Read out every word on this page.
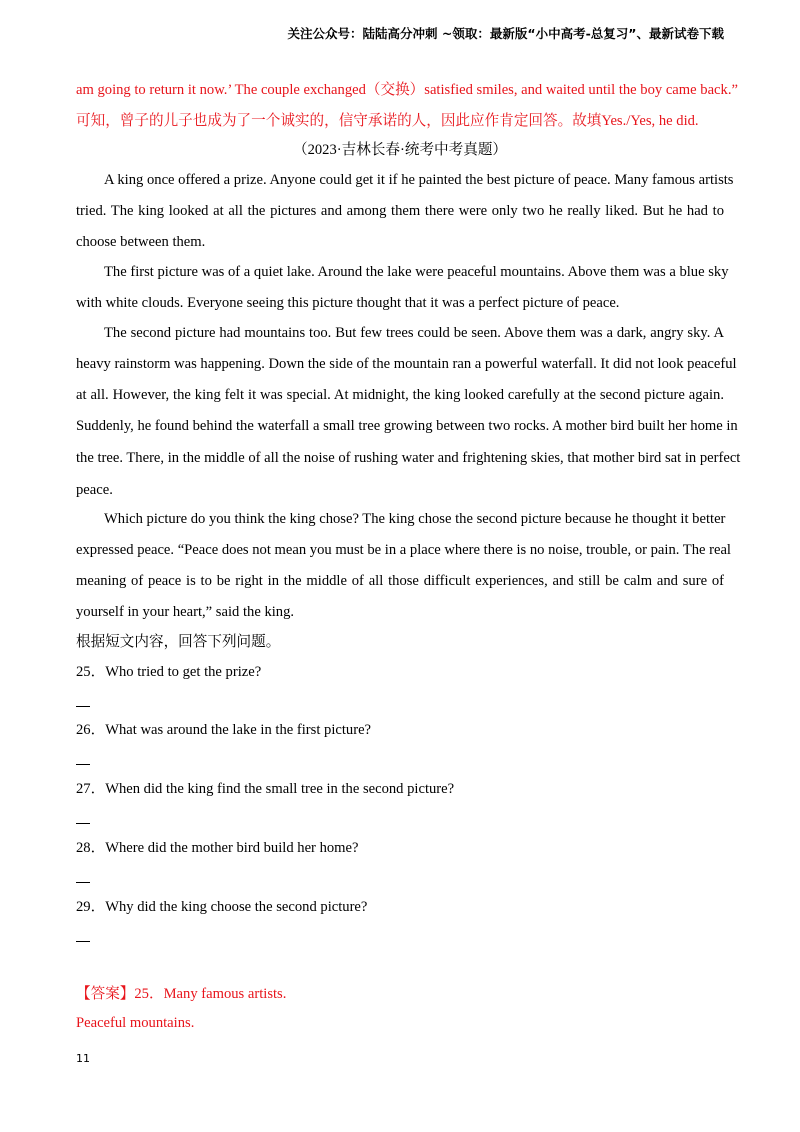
关注公众号：陆陆高分冲刺 ~领取：最新版“小中高考-总复习”、最新试卷下载
am going to return it now.’ The couple exchanged（交换）satisfied smiles, and waited until the boy came back.”
可知，曾子的儿子也成为了一个诚实的，信守承诺的人，因此应作肯定回答。故填Yes./Yes, he did.
（2023·吉林长春·统考中考真题）
A king once offered a prize. Anyone could get it if he painted the best picture of peace. Many famous artists
tried. The king looked at all the pictures and among them there were only two he really liked. But he had to
choose between them.
The first picture was of a quiet lake. Around the lake were peaceful mountains. Above them was a blue sky
with white clouds. Everyone seeing this picture thought that it was a perfect picture of peace.
The second picture had mountains too. But few trees could be seen. Above them was a dark, angry sky. A
heavy rainstorm was happening. Down the side of the mountain ran a powerful waterfall. It did not look peaceful
at all. However, the king felt it was special. At midnight, the king looked carefully at the second picture again.
Suddenly, he found behind the waterfall a small tree growing between two rocks. A mother bird built her home in
the tree. There, in the middle of all the noise of rushing water and frightening skies, that mother bird sat in perfect
peace.
Which picture do you think the king chose? The king chose the second picture because he thought it better
expressed peace. “Peace does not mean you must be in a place where there is no noise, trouble, or pain. The real
meaning of peace is to be right in the middle of all those difficult experiences, and still be calm and sure of
yourself in your heart,” said the king.
根据短文内容，回答下列问题。
25．Who tried to get the prize?
26．What was around the lake in the first picture?
27．When did the king find the small tree in the second picture?
28．Where did the mother bird build her home?
29．Why did the king choose the second picture?
【答案】25．Many famous artists.
Peaceful mountains.
11
